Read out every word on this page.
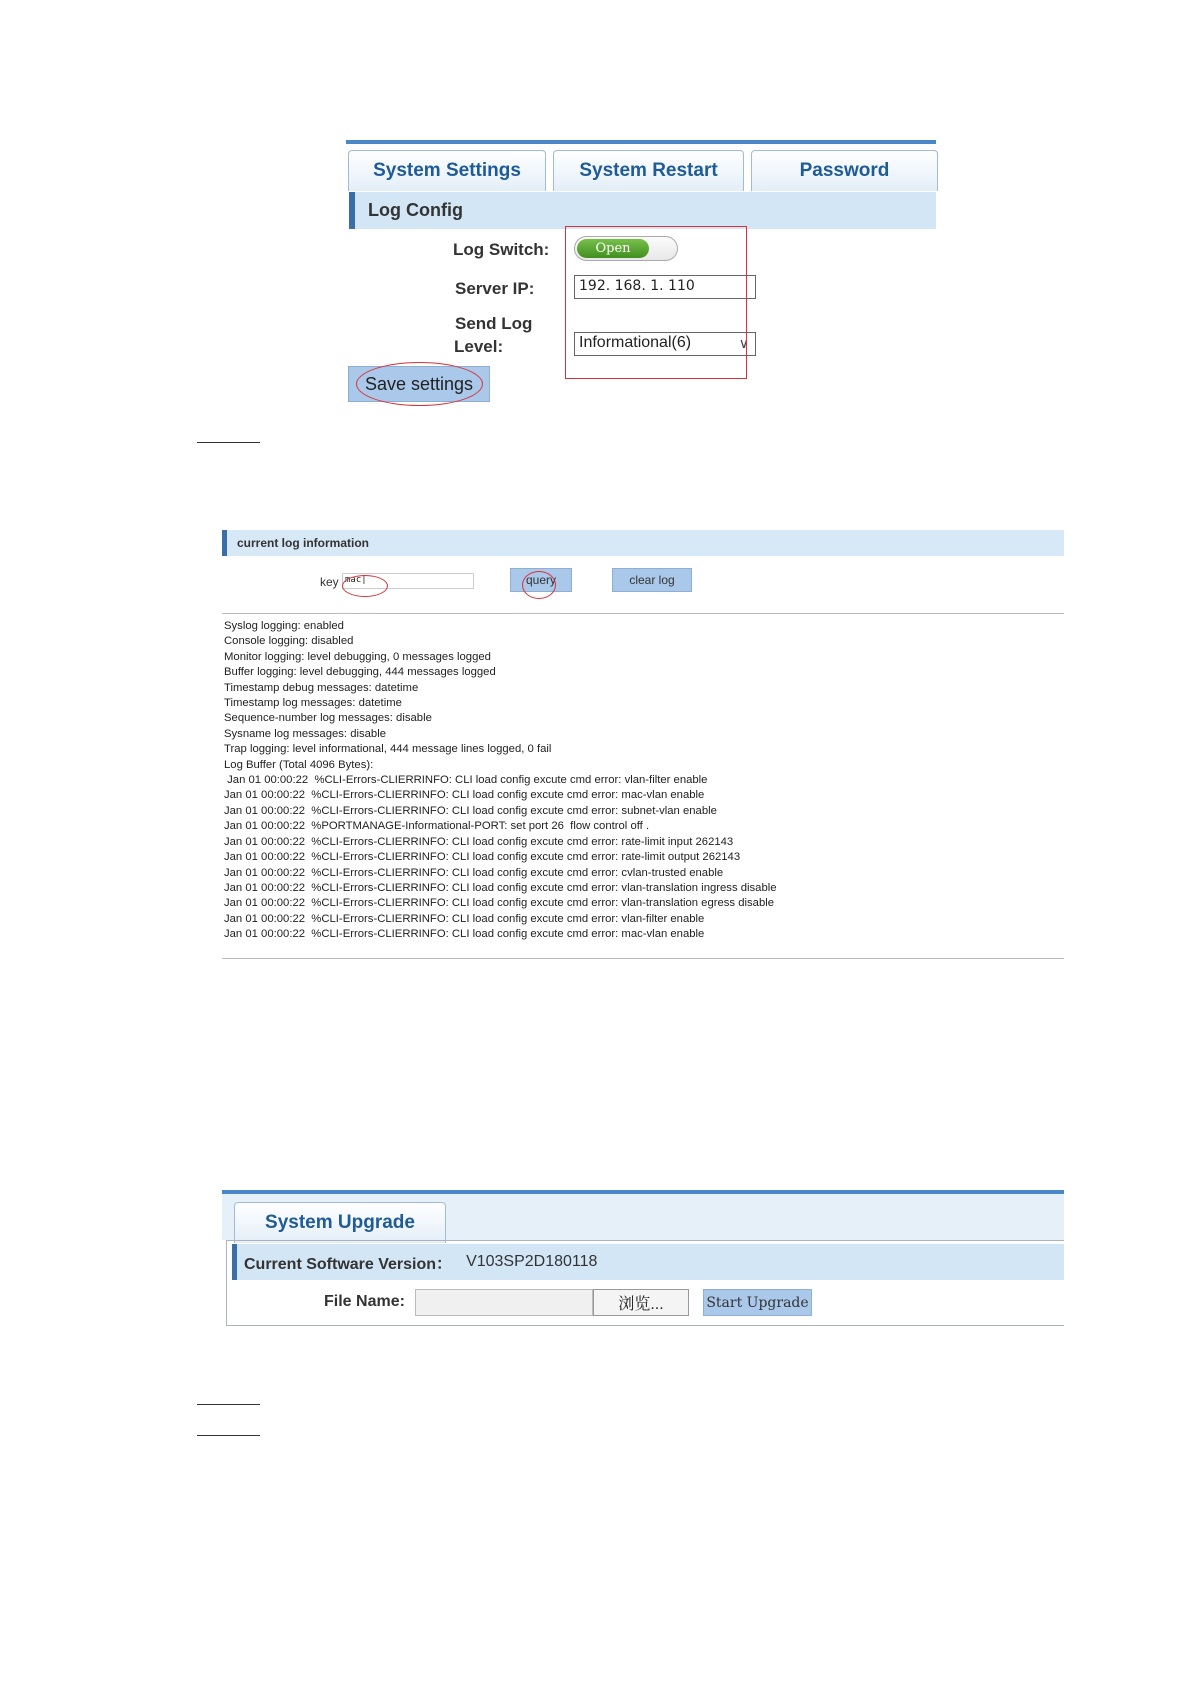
System Settings	System Restart	Password
Log Config
Log Switch:	Open
Server IP:	192. 168. 1. 110
Send Log
Level:	Informational(6)	∨
Save settings
current log information
key mac|	query	clear log
Syslog logging: enabled
Console logging: disabled
Monitor logging: level debugging, 0 messages logged
Buffer logging: level debugging, 444 messages logged
Timestamp debug messages: datetime
Timestamp log messages: datetime
Sequence-number log messages: disable
Sysname log messages: disable
Trap logging: level informational, 444 message lines logged, 0 fail
Log Buffer (Total 4096 Bytes):
Jan 01 00:00:22  %CLI-Errors-CLIERRINFO: CLI load config excute cmd error: vlan-filter enable
Jan 01 00:00:22  %CLI-Errors-CLIERRINFO: CLI load config excute cmd error: mac-vlan enable
Jan 01 00:00:22  %CLI-Errors-CLIERRINFO: CLI load config excute cmd error: subnet-vlan enable
Jan 01 00:00:22  %PORTMANAGE-Informational-PORT: set port 26  flow control off .
Jan 01 00:00:22  %CLI-Errors-CLIERRINFO: CLI load config excute cmd error: rate-limit input 262143
Jan 01 00:00:22  %CLI-Errors-CLIERRINFO: CLI load config excute cmd error: rate-limit output 262143
Jan 01 00:00:22  %CLI-Errors-CLIERRINFO: CLI load config excute cmd error: cvlan-trusted enable
Jan 01 00:00:22  %CLI-Errors-CLIERRINFO: CLI load config excute cmd error: vlan-translation ingress disable
Jan 01 00:00:22  %CLI-Errors-CLIERRINFO: CLI load config excute cmd error: vlan-translation egress disable
Jan 01 00:00:22  %CLI-Errors-CLIERRINFO: CLI load config excute cmd error: vlan-filter enable
Jan 01 00:00:22  %CLI-Errors-CLIERRINFO: CLI load config excute cmd error: mac-vlan enable
System Upgrade
Current Software Version： V103SP2D180118
File Name:	浏览...	Start Upgrade
